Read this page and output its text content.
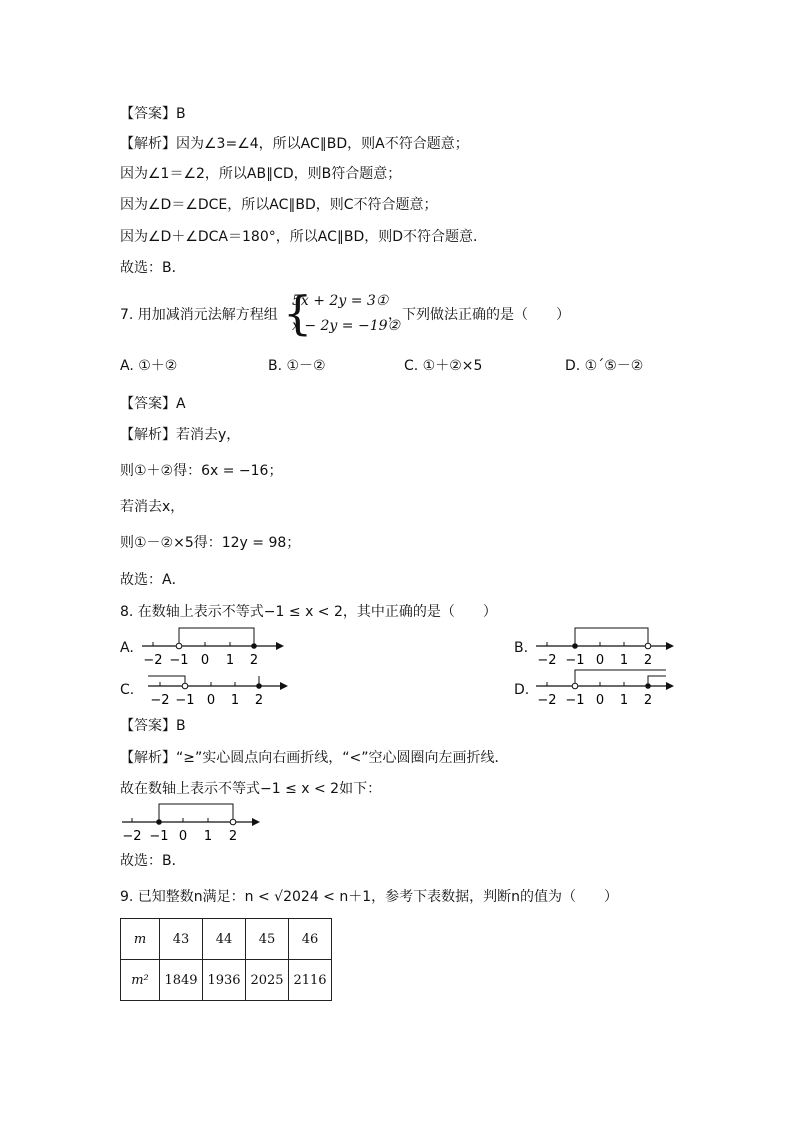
【答案】B
【解析】因为∠3=∠4，所以AC∥BD，则A不符合题意；
因为∠1＝∠2，所以AB∥CD，则B符合题意；
因为∠D＝∠DCE，所以AC∥BD，则C不符合题意；
因为∠D＋∠DCA＝180°，所以AC∥BD，则D不符合题意．
故选：B．
7. 用加减消元法解方程组 {
5x + 2y = 3①
x − 2y = −19②
，下列做法正确的是（　　）
A. ①＋②	B. ①－②	C. ①＋②×5	D. ①ˊ⑤－②
【答案】A
【解析】若消去y，
则①＋②得：6x = −16；
若消去x，
则①－②×5得：12y = 98；
故选：A．
8. 在数轴上表示不等式−1 ≤ x < 2，其中正确的是（　　）
A.	B.
C.	D.
−2 −1 0 1 2	−2 −1 0 1 2
−2 −1 0 1 2	−2 −1 0 1 2
【答案】B
【解析】“≥”实心圆点向右画折线，“<”空心圆圈向左画折线．
故在数轴上表示不等式−1 ≤ x < 2如下：
−2 −1 0 1 2
故选：B．
9. 已知整数n满足：n < √2024 < n＋1，参考下表数据，判断n的值为（　　）
m	43	44	45	46
m²	1849	1936	2025	2116
